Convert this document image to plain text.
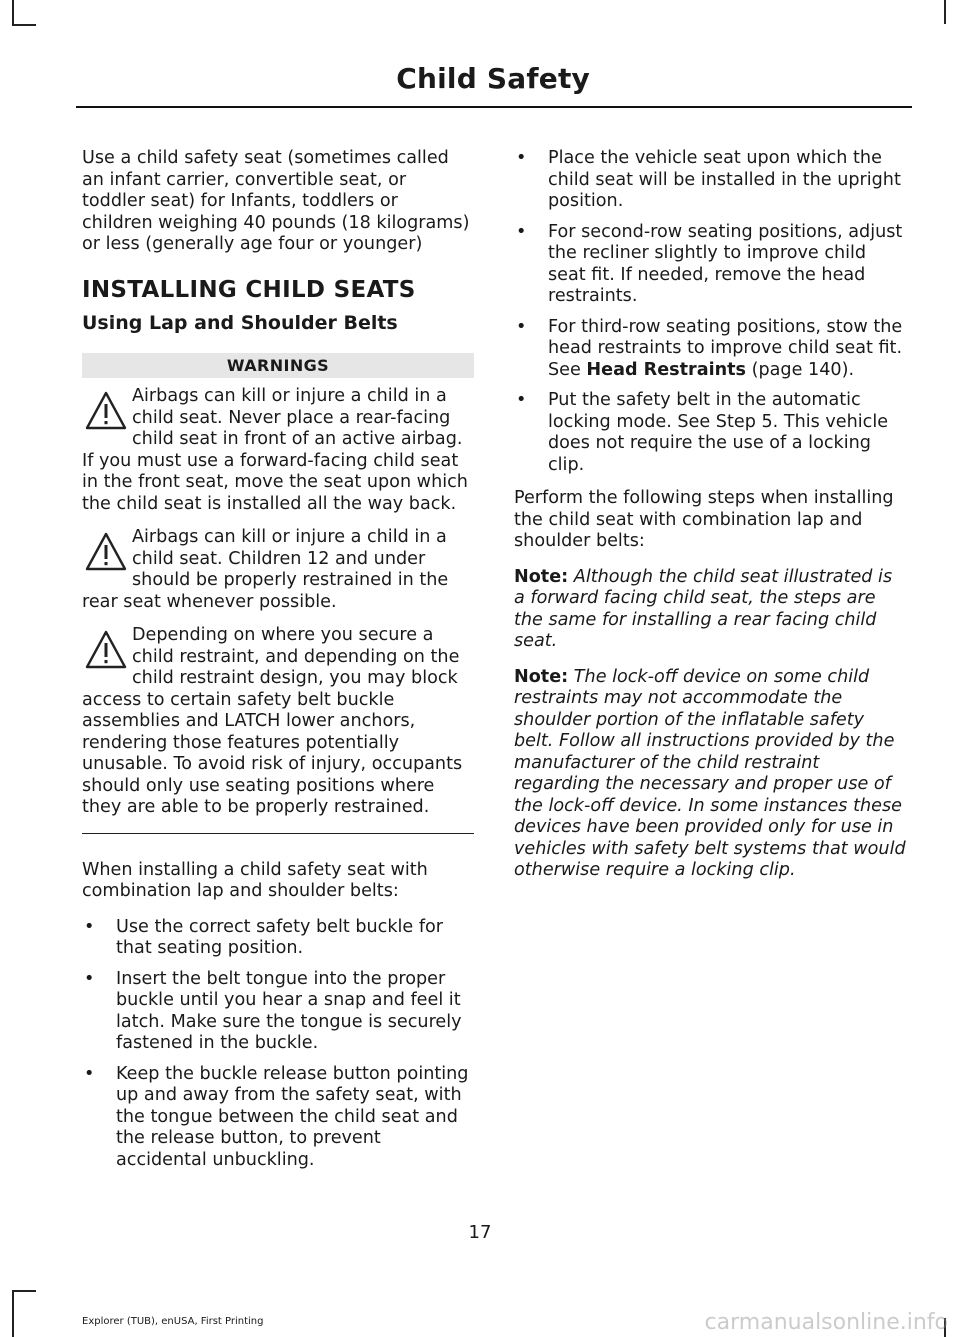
Child Safety

Use a child safety seat (sometimes called an infant carrier, convertible seat, or toddler seat) for Infants, toddlers or children weighing 40 pounds (18 kilograms) or less (generally age four or younger)

INSTALLING CHILD SEATS
Using Lap and Shoulder Belts
WARNINGS
Airbags can kill or injure a child in a child seat. Never place a rear-facing child seat in front of an active airbag. If you must use a forward-facing child seat in the front seat, move the seat upon which the child seat is installed all the way back.
Airbags can kill or injure a child in a child seat. Children 12 and under should be properly restrained in the rear seat whenever possible.
Depending on where you secure a child restraint, and depending on the child restraint design, you may block access to certain safety belt buckle assemblies and LATCH lower anchors, rendering those features potentially unusable. To avoid risk of injury, occupants should only use seating positions where they are able to be properly restrained.

When installing a child safety seat with combination lap and shoulder belts:

• Use the correct safety belt buckle for that seating position.
• Insert the belt tongue into the proper buckle until you hear a snap and feel it latch. Make sure the tongue is securely fastened in the buckle.
• Keep the buckle release button pointing up and away from the safety seat, with the tongue between the child seat and the release button, to prevent accidental unbuckling.
• Place the vehicle seat upon which the child seat will be installed in the upright position.
• For second-row seating positions, adjust the recliner slightly to improve child seat fit. If needed, remove the head restraints.
• For third-row seating positions, stow the head restraints to improve child seat fit. See Head Restraints (page 140).
• Put the safety belt in the automatic locking mode. See Step 5. This vehicle does not require the use of a locking clip.

Perform the following steps when installing the child seat with combination lap and shoulder belts:

Note: Although the child seat illustrated is a forward facing child seat, the steps are the same for installing a rear facing child seat.

Note: The lock-off device on some child restraints may not accommodate the shoulder portion of the inflatable safety belt. Follow all instructions provided by the manufacturer of the child restraint regarding the necessary and proper use of the lock-off device. In some instances these devices have been provided only for use in vehicles with safety belt systems that would otherwise require a locking clip.

17
Explorer (TUB), enUSA, First Printing	carmanualsonline.info
